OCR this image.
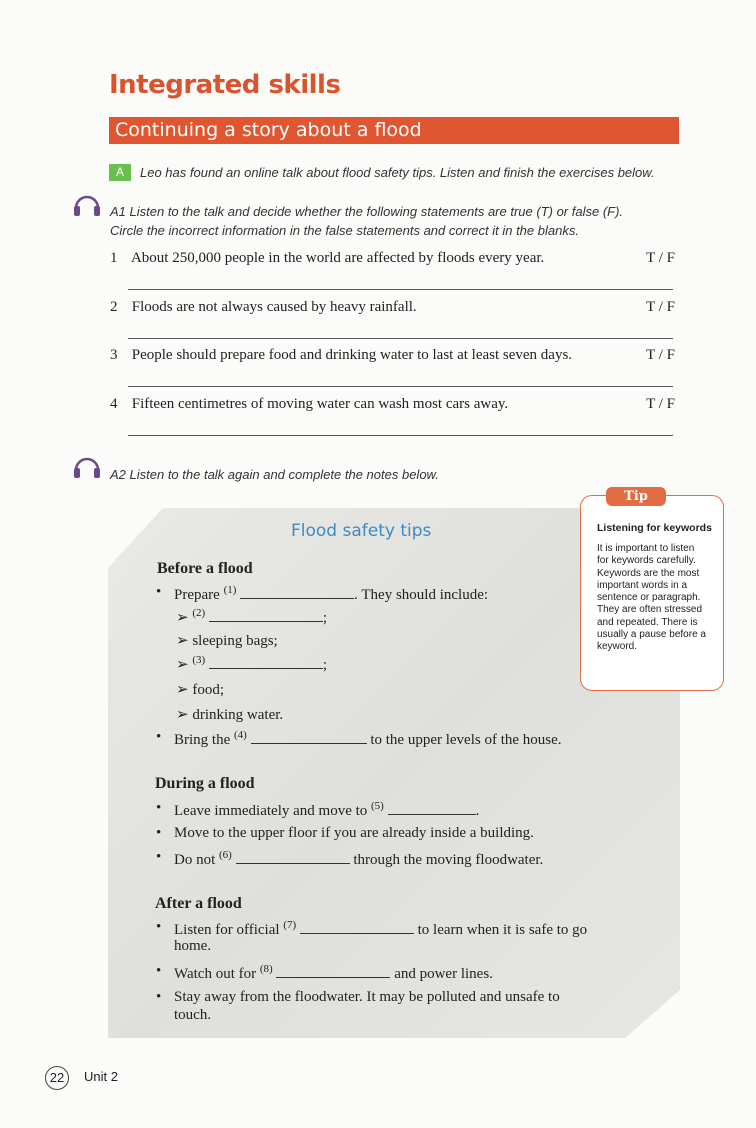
Integrated skills
Continuing a story about a flood
A	Leo has found an online talk about flood safety tips. Listen and finish the exercises below.
A1 Listen to the talk and decide whether the following statements are true (T) or false (F).
Circle the incorrect information in the false statements and correct it in the blanks.
1 About 250,000 people in the world are affected by floods every year.	T / F
2 Floods are not always caused by heavy rainfall.	T / F
3 People should prepare food and drinking water to last at least seven days.	T / F
4 Fifteen centimetres of moving water can wash most cars away.	T / F
A2 Listen to the talk again and complete the notes below.
Flood safety tips
Before a flood
• Prepare $^{(1)}$	. They should include:
➢ $^{(2)}$	;
➢ sleeping bags;
➢ $^{(3)}$	;
➢ food;
➢ drinking water.
• Bring the $^{(4)}$	to the upper levels of the house.
During a flood
• Leave immediately and move to $^{(5)}$	.
• Move to the upper floor if you are already inside a building.
• Do not $^{(6)}$	through the moving floodwater.
After a flood
• Listen for official $^{(7)}$	to learn when it is safe to go
home.
• Watch out for $^{(8)}$	and power lines.
• Stay away from the floodwater. It may be polluted and unsafe to
touch.
Tip
Listening for keywords
It is important to listen
for keywords carefully.
Keywords are the most
important words in a
sentence or paragraph.
They are often stressed
and repeated. There is
usually a pause before a
keyword.
22	Unit 2
